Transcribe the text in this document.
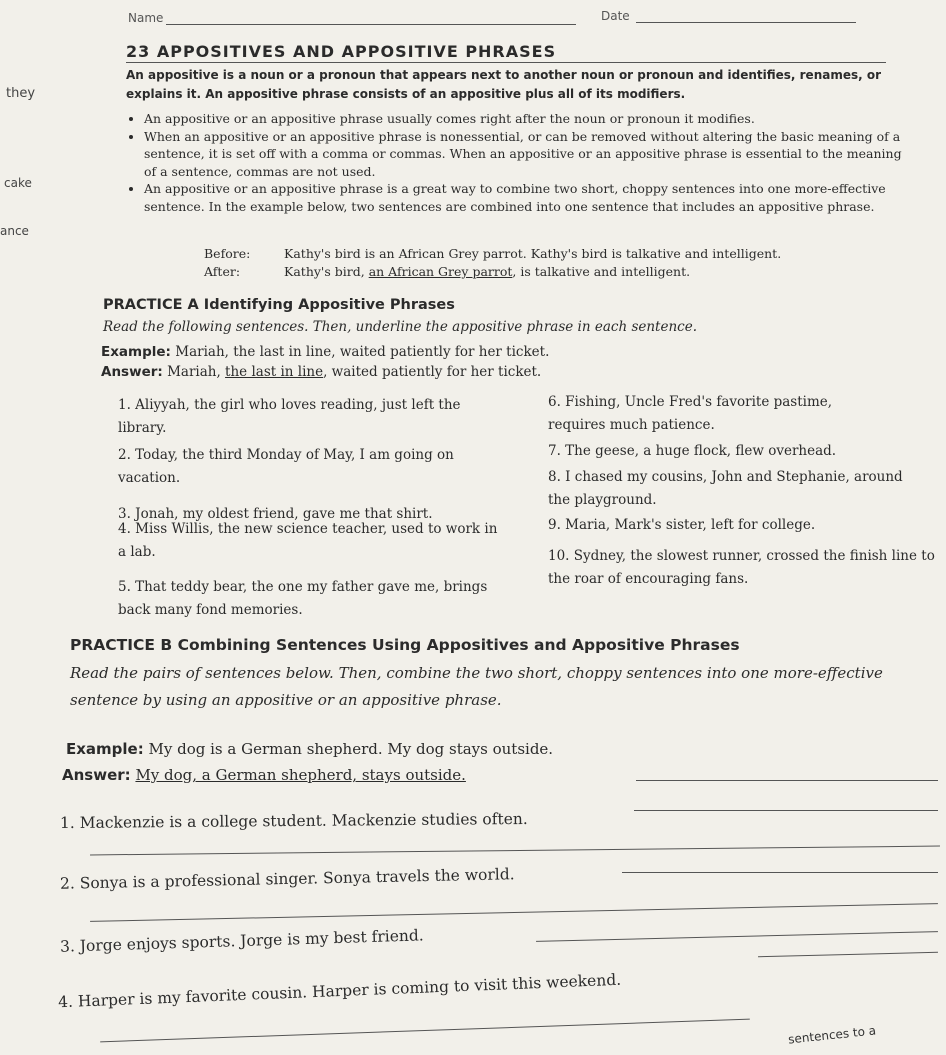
they
cake
ance
Name	Date
23 APPOSITIVES AND APPOSITIVE PHRASES
An appositive is a noun or a pronoun that appears next to another noun or pronoun and identifies, renames, or explains it. An appositive phrase consists of an appositive plus all of its modifiers.
• An appositive or an appositive phrase usually comes right after the noun or pronoun it modifies.
• When an appositive or an appositive phrase is nonessential, or can be removed without altering the basic meaning of a sentence, it is set off with a comma or commas. When an appositive or an appositive phrase is essential to the meaning of a sentence, commas are not used.
• An appositive or an appositive phrase is a great way to combine two short, choppy sentences into one more-effective sentence. In the example below, two sentences are combined into one sentence that includes an appositive phrase.
Before:	Kathy's bird is an African Grey parrot. Kathy's bird is talkative and intelligent.
After:	Kathy's bird, an African Grey parrot, is talkative and intelligent.
PRACTICE A Identifying Appositive Phrases
Read the following sentences. Then, underline the appositive phrase in each sentence.
Example: Mariah, the last in line, waited patiently for her ticket.
Answer: Mariah, the last in line, waited patiently for her ticket.
1. Aliyyah, the girl who loves reading, just left the library.
2. Today, the third Monday of May, I am going on vacation.
3. Jonah, my oldest friend, gave me that shirt.
4. Miss Willis, the new science teacher, used to work in a lab.
5. That teddy bear, the one my father gave me, brings back many fond memories.
6. Fishing, Uncle Fred's favorite pastime, requires much patience.
7. The geese, a huge flock, flew overhead.
8. I chased my cousins, John and Stephanie, around the playground.
9. Maria, Mark's sister, left for college.
10. Sydney, the slowest runner, crossed the finish line to the roar of encouraging fans.
PRACTICE B Combining Sentences Using Appositives and Appositive Phrases
Read the pairs of sentences below. Then, combine the two short, choppy sentences into one more-effective sentence by using an appositive or an appositive phrase.
Example: My dog is a German shepherd. My dog stays outside.
Answer: My dog, a German shepherd, stays outside.
1. Mackenzie is a college student. Mackenzie studies often.
2. Sonya is a professional singer. Sonya travels the world.
3. Jorge enjoys sports. Jorge is my best friend.
4. Harper is my favorite cousin. Harper is coming to visit this weekend.
sentences to a
